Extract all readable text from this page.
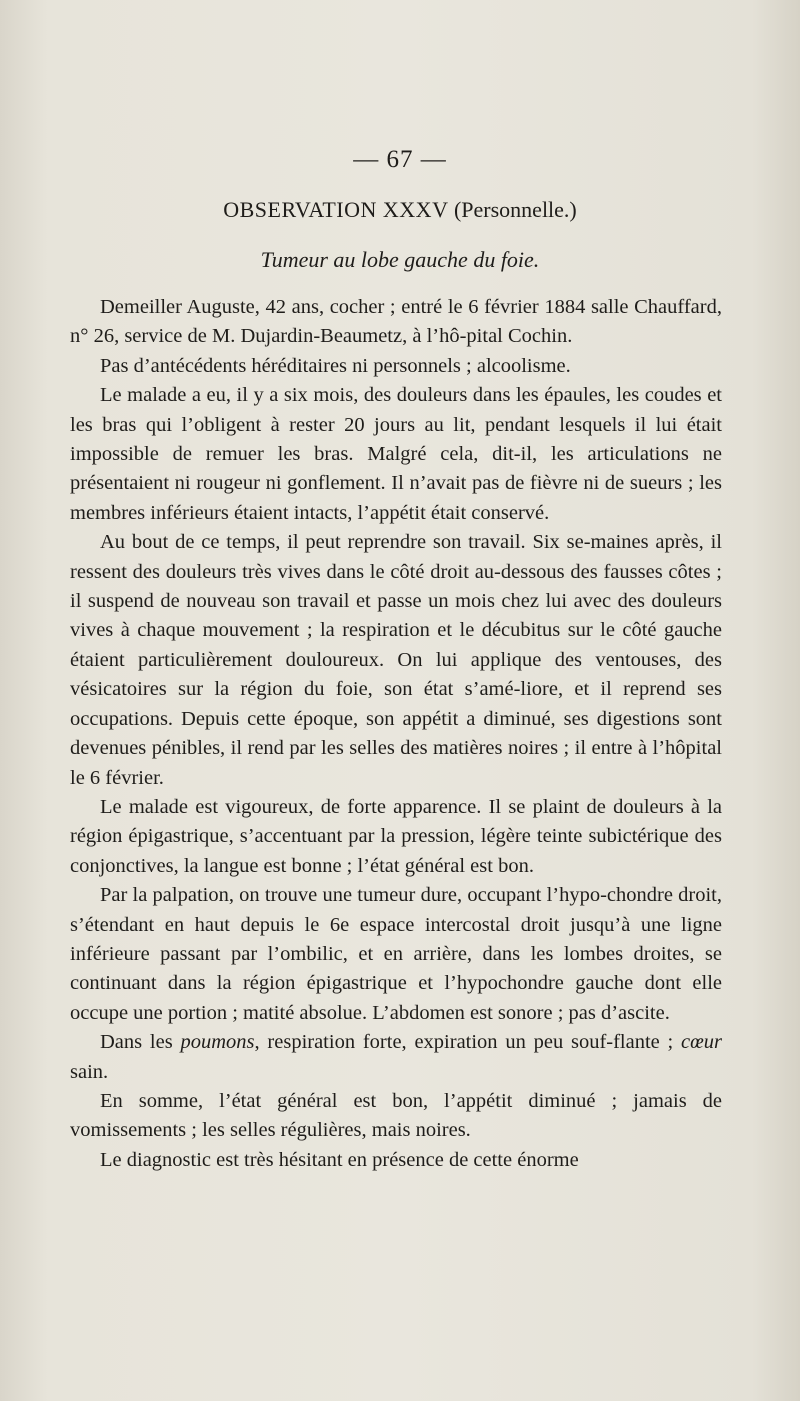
— 67 —
OBSERVATION XXXV (Personnelle.)
Tumeur au lobe gauche du foie.

Demeiller Auguste, 42 ans, cocher ; entré le 6 février 1884 salle Chauffard, n° 26, service de M. Dujardin-Beaumetz, à l’hô-pital Cochin.

Pas d’antécédents héréditaires ni personnels ; alcoolisme.

Le malade a eu, il y a six mois, des douleurs dans les épaules, les coudes et les bras qui l’obligent à rester 20 jours au lit, pendant lesquels il lui était impossible de remuer les bras. Malgré cela, dit-il, les articulations ne présentaient ni rougeur ni gonflement. Il n’avait pas de fièvre ni de sueurs ; les membres inférieurs étaient intacts, l’appétit était conservé.

Au bout de ce temps, il peut reprendre son travail. Six se-maines après, il ressent des douleurs très vives dans le côté droit au-dessous des fausses côtes ; il suspend de nouveau son travail et passe un mois chez lui avec des douleurs vives à chaque mouvement ; la respiration et le décubitus sur le côté gauche étaient particulièrement douloureux. On lui applique des ventouses, des vésicatoires sur la région du foie, son état s’amé-liore, et il reprend ses occupations. Depuis cette époque, son appétit a diminué, ses digestions sont devenues pénibles, il rend par les selles des matières noires ; il entre à l’hôpital le 6 février.

Le malade est vigoureux, de forte apparence. Il se plaint de douleurs à la région épigastrique, s’accentuant par la pression, légère teinte subictérique des conjonctives, la langue est bonne ; l’état général est bon.

Par la palpation, on trouve une tumeur dure, occupant l’hypo-chondre droit, s’étendant en haut depuis le 6e espace intercostal droit jusqu’à une ligne inférieure passant par l’ombilic, et en arrière, dans les lombes droites, se continuant dans la région épigastrique et l’hypochondre gauche dont elle occupe une portion ; matité absolue. L’abdomen est sonore ; pas d’ascite.

Dans les poumons, respiration forte, expiration un peu souf-flante ; cœur sain.

En somme, l’état général est bon, l’appétit diminué ; jamais de vomissements ; les selles régulières, mais noires.

Le diagnostic est très hésitant en présence de cette énorme
